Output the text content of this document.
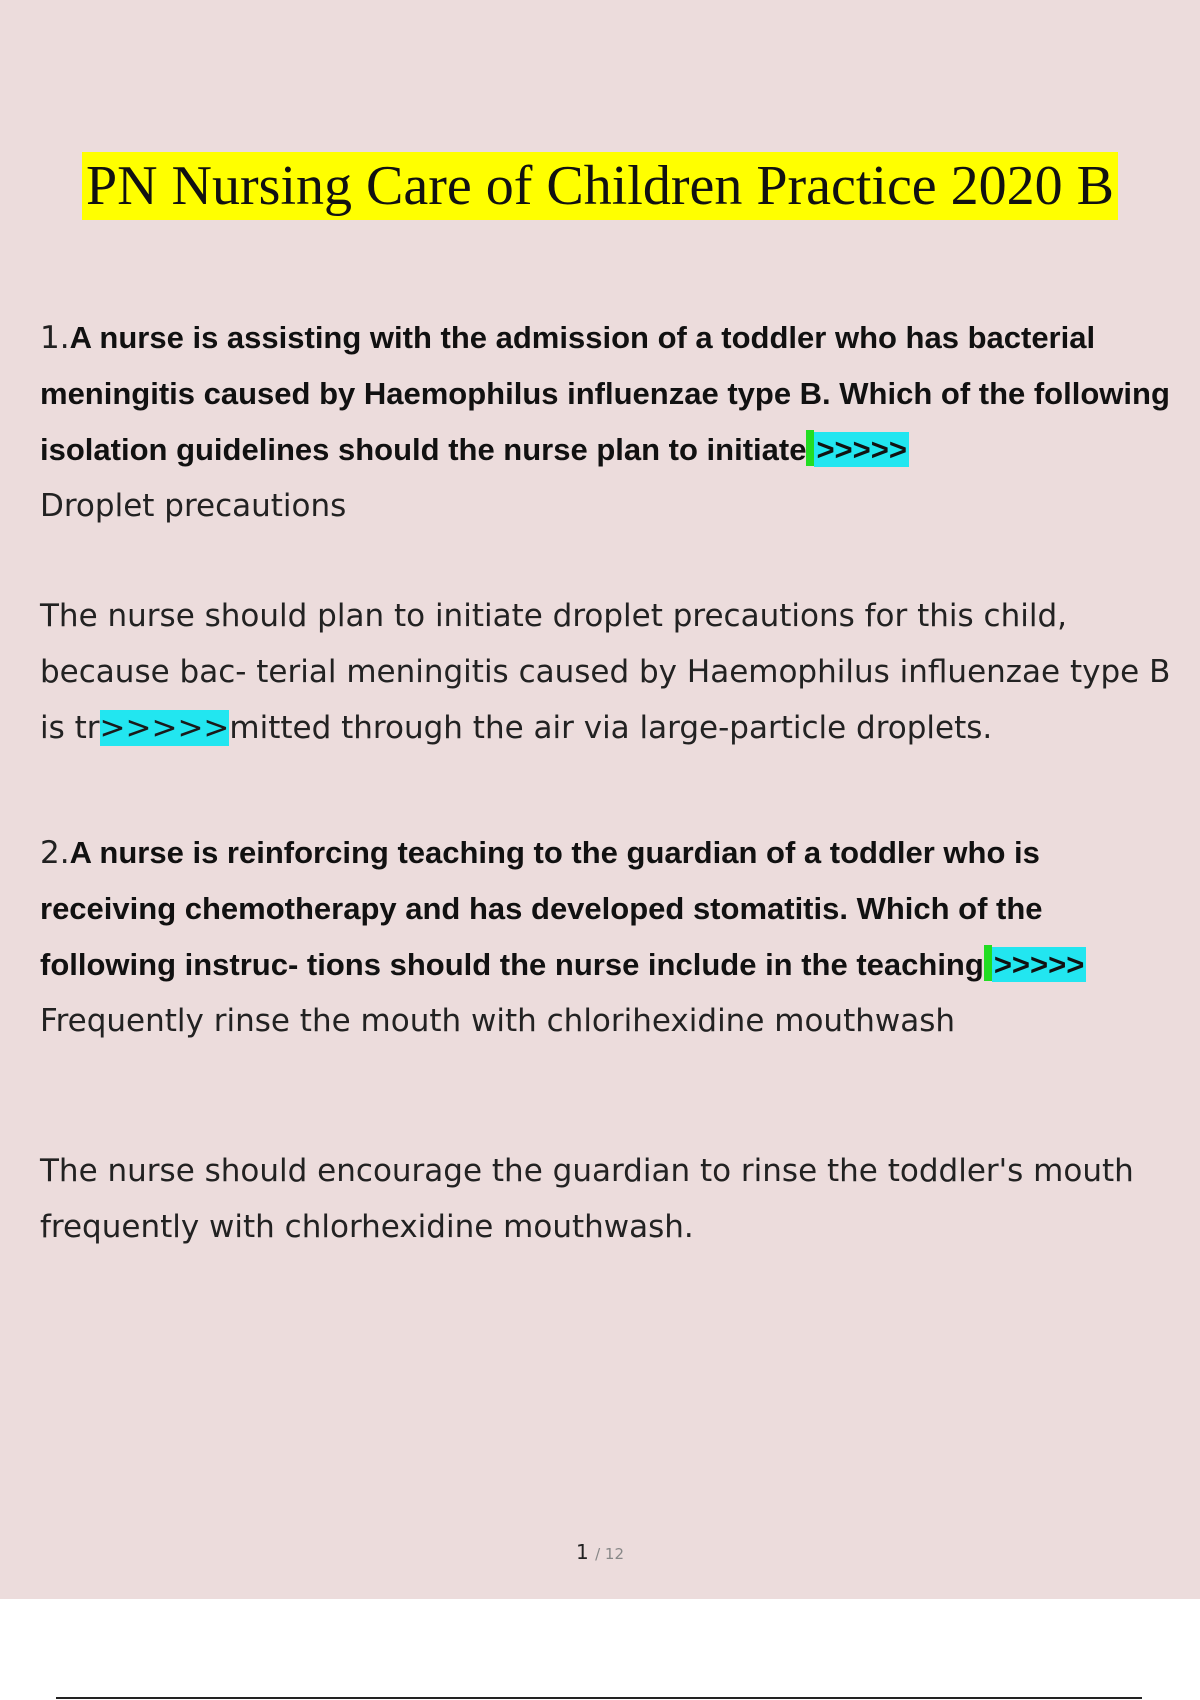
PN Nursing Care of Children Practice 2020 B
1.A nurse is assisting with the admission of a toddler who has bacterial meningitis caused by Haemophilus influenzae type B. Which of the following isolation guidelines should the nurse plan to initiate >>>>>
Droplet precautions
The nurse should plan to initiate droplet precautions for this child, because bac- terial meningitis caused by Haemophilus influenzae type B is tr>>>>>mitted through the air via large-particle droplets.
2.A nurse is reinforcing teaching to the guardian of a toddler who is receiving chemotherapy and has developed stomatitis. Which of the following instruc- tions should the nurse include in the teaching >>>>>
Frequently rinse the mouth with chlorihexidine mouthwash
The nurse should encourage the guardian to rinse the toddler's mouth frequently with chlorhexidine mouthwash.
1 / 12
